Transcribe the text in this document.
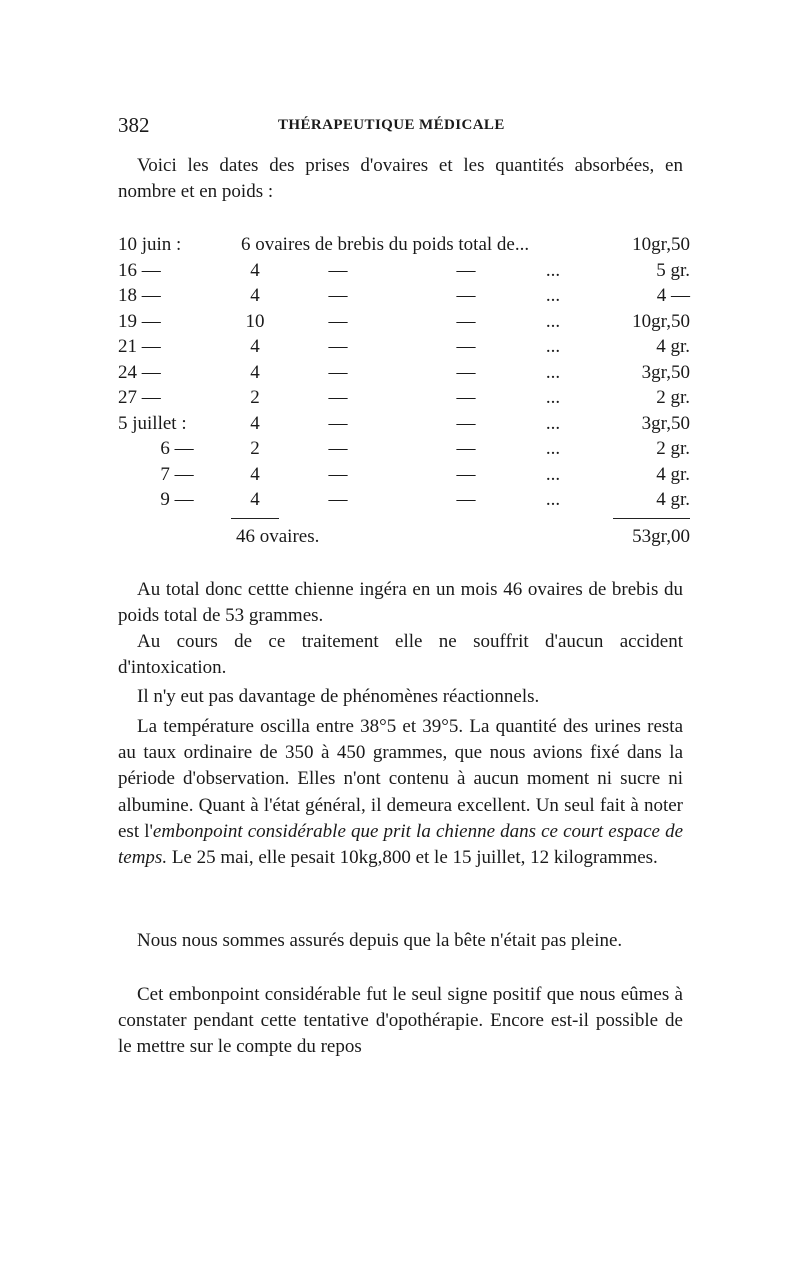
382	THÉRAPEUTIQUE MÉDICALE

Voici les dates des prises d'ovaires et les quantités absorbées, en nombre et en poids :

10 juin :	6 ovaires de brebis du poids total de...	10gr,50
16 —	4	—	—	...	5 gr.
18 —	4	—	—	...	4 —
19 —	10	—	—	...	10gr,50
21 —	4	—	—	...	4 gr.
24 —	4	—	—	...	3gr,50
27 —	2	—	—	...	2 gr.
5 juillet :	4	—	—	...	3gr,50
6 —	2	—	—	...	2 gr.
7 —	4	—	—	...	4 gr.
9 —	4	—	—	...	4 gr.
46 ovaires.	53gr,00

Au total donc cettte chienne ingéra en un mois 46 ovaires de brebis du poids total de 53 grammes.

Au cours de ce traitement elle ne souffrit d'aucun accident d'intoxication.

Il n'y eut pas davantage de phénomènes réactionnels.

La température oscilla entre 38°5 et 39°5. La quantité des urines resta au taux ordinaire de 350 à 450 grammes, que nous avions fixé dans la période d'observation. Elles n'ont contenu à aucun moment ni sucre ni albumine. Quant à l'état général, il demeura excellent. Un seul fait à noter est l'embonpoint considérable que prit la chienne dans ce court espace de temps. Le 25 mai, elle pesait 10kg,800 et le 15 juillet, 12 kilogrammes.

Nous nous sommes assurés depuis que la bête n'était pas pleine.

Cet embonpoint considérable fut le seul signe positif que nous eûmes à constater pendant cette tentative d'opothérapie. Encore est-il possible de le mettre sur le compte du repos
